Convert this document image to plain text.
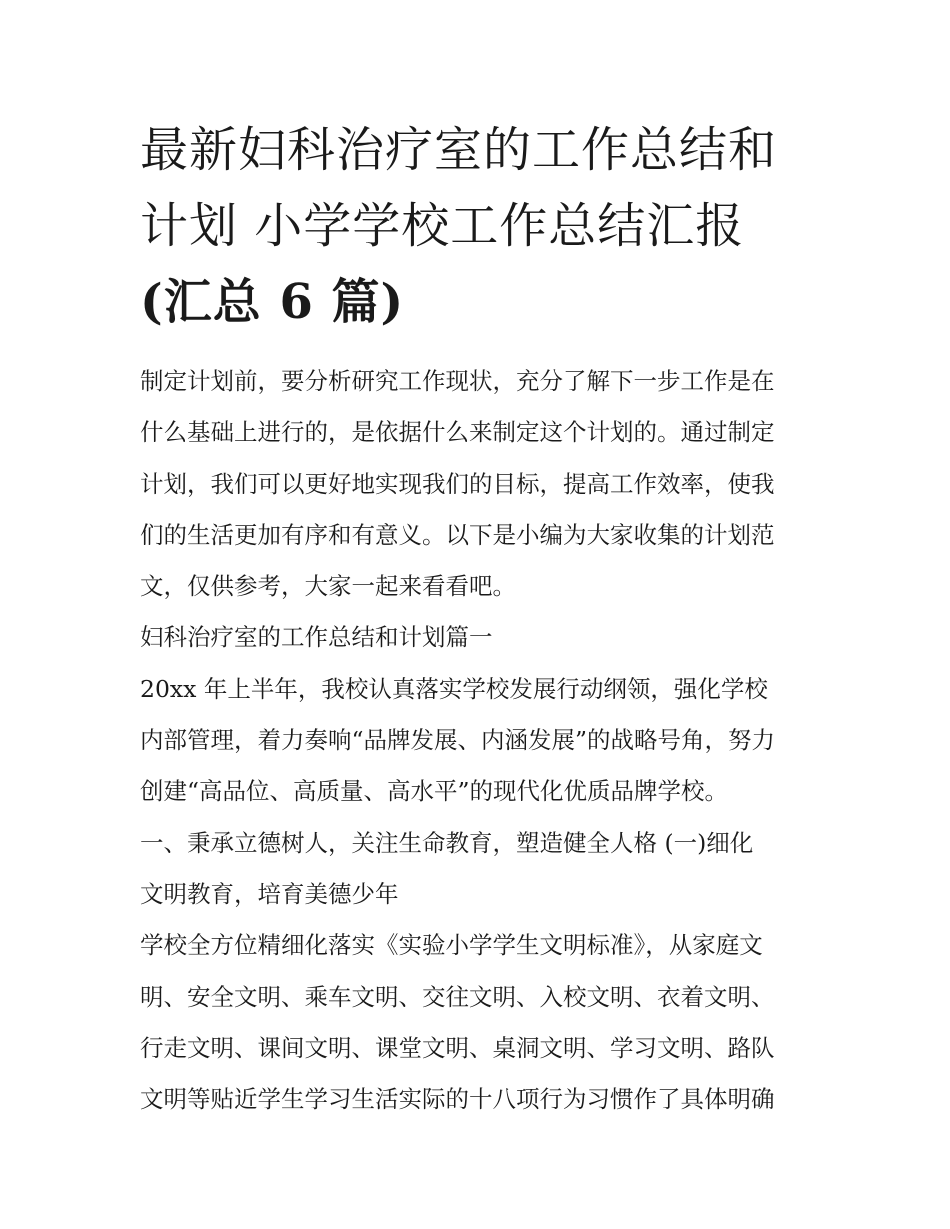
最新妇科治疗室的工作总结和
计划 小学学校工作总结汇报
(汇总 6 篇)
制定计划前，要分析研究工作现状，充分了解下一步工作是在
什么基础上进行的，是依据什么来制定这个计划的。通过制定
计划，我们可以更好地实现我们的目标，提高工作效率，使我
们的生活更加有序和有意义。以下是小编为大家收集的计划范
文，仅供参考，大家一起来看看吧。
妇科治疗室的工作总结和计划篇一
20xx 年上半年，我校认真落实学校发展行动纲领，强化学校
内部管理，着力奏响“品牌发展、内涵发展”的战略号角，努力
创建“高品位、高质量、高水平”的现代化优质品牌学校。
一、秉承立德树人，关注生命教育，塑造健全人格 (一)细化
文明教育，培育美德少年
学校全方位精细化落实《实验小学学生文明标准》，从家庭文
明、安全文明、乘车文明、交往文明、入校文明、衣着文明、
行走文明、课间文明、课堂文明、桌洞文明、学习文明、路队
文明等贴近学生学习生活实际的十八项行为习惯作了具体明确
